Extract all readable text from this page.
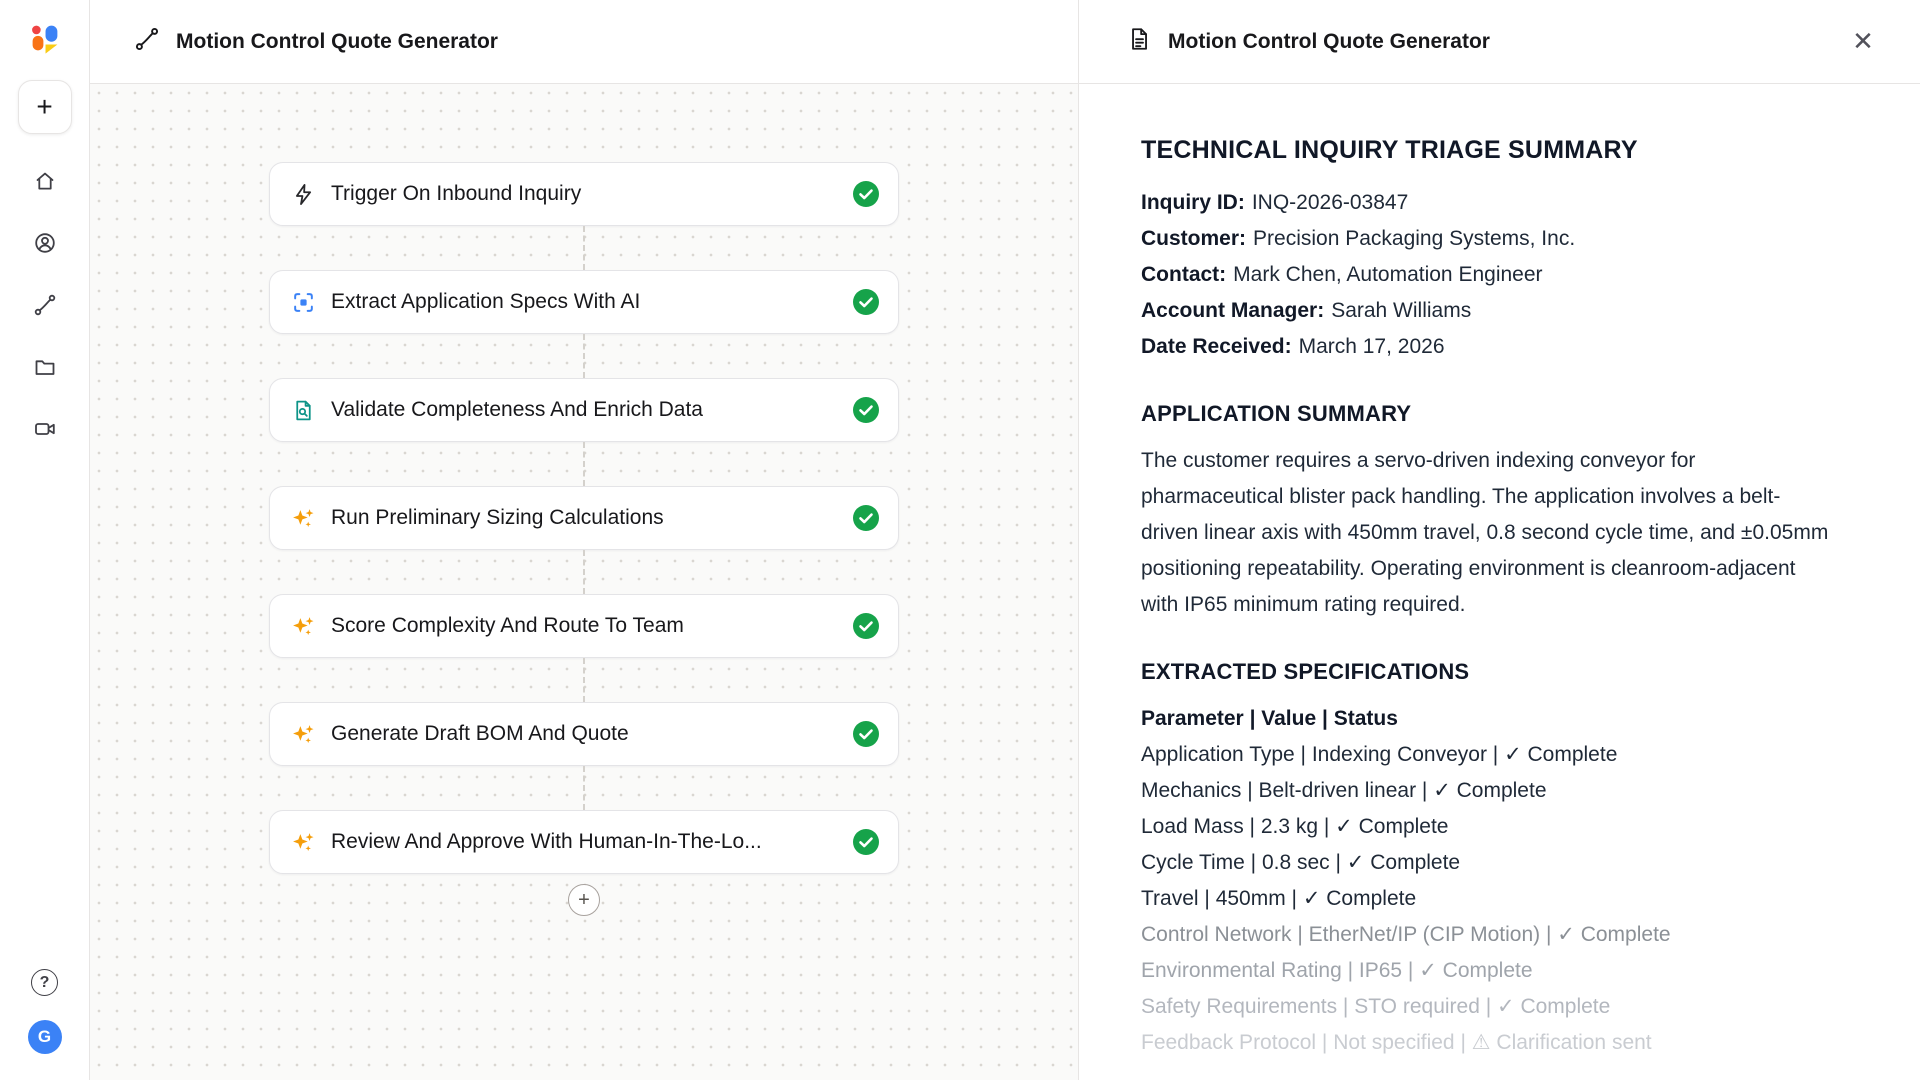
+
?
G
Motion Control Quote Generator
Trigger On Inbound Inquiry
Extract Application Specs With AI
Validate Completeness And Enrich Data
Run Preliminary Sizing Calculations
Score Complexity And Route To Team
Generate Draft BOM And Quote
Review And Approve With Human-In-The-Lo...
+
Motion Control Quote Generator	✕
TECHNICAL INQUIRY TRIAGE SUMMARY
Inquiry ID: INQ-2026-03847
Customer: Precision Packaging Systems, Inc.
Contact: Mark Chen, Automation Engineer
Account Manager: Sarah Williams
Date Received: March 17, 2026
APPLICATION SUMMARY

The customer requires a servo-driven indexing conveyor for pharmaceutical blister pack handling. The application involves a belt-driven linear axis with 450mm travel, 0.8 second cycle time, and ±0.05mm positioning repeatability. Operating environment is cleanroom-adjacent with IP65 minimum rating required.

EXTRACTED SPECIFICATIONS
Parameter | Value | Status
Application Type | Indexing Conveyor | ✓ Complete
Mechanics | Belt-driven linear | ✓ Complete
Load Mass | 2.3 kg | ✓ Complete
Cycle Time | 0.8 sec | ✓ Complete
Travel | 450mm | ✓ Complete
Control Network | EtherNet/IP (CIP Motion) | ✓ Complete
Environmental Rating | IP65 | ✓ Complete
Safety Requirements | STO required | ✓ Complete
Feedback Protocol | Not specified | ⚠ Clarification sent
